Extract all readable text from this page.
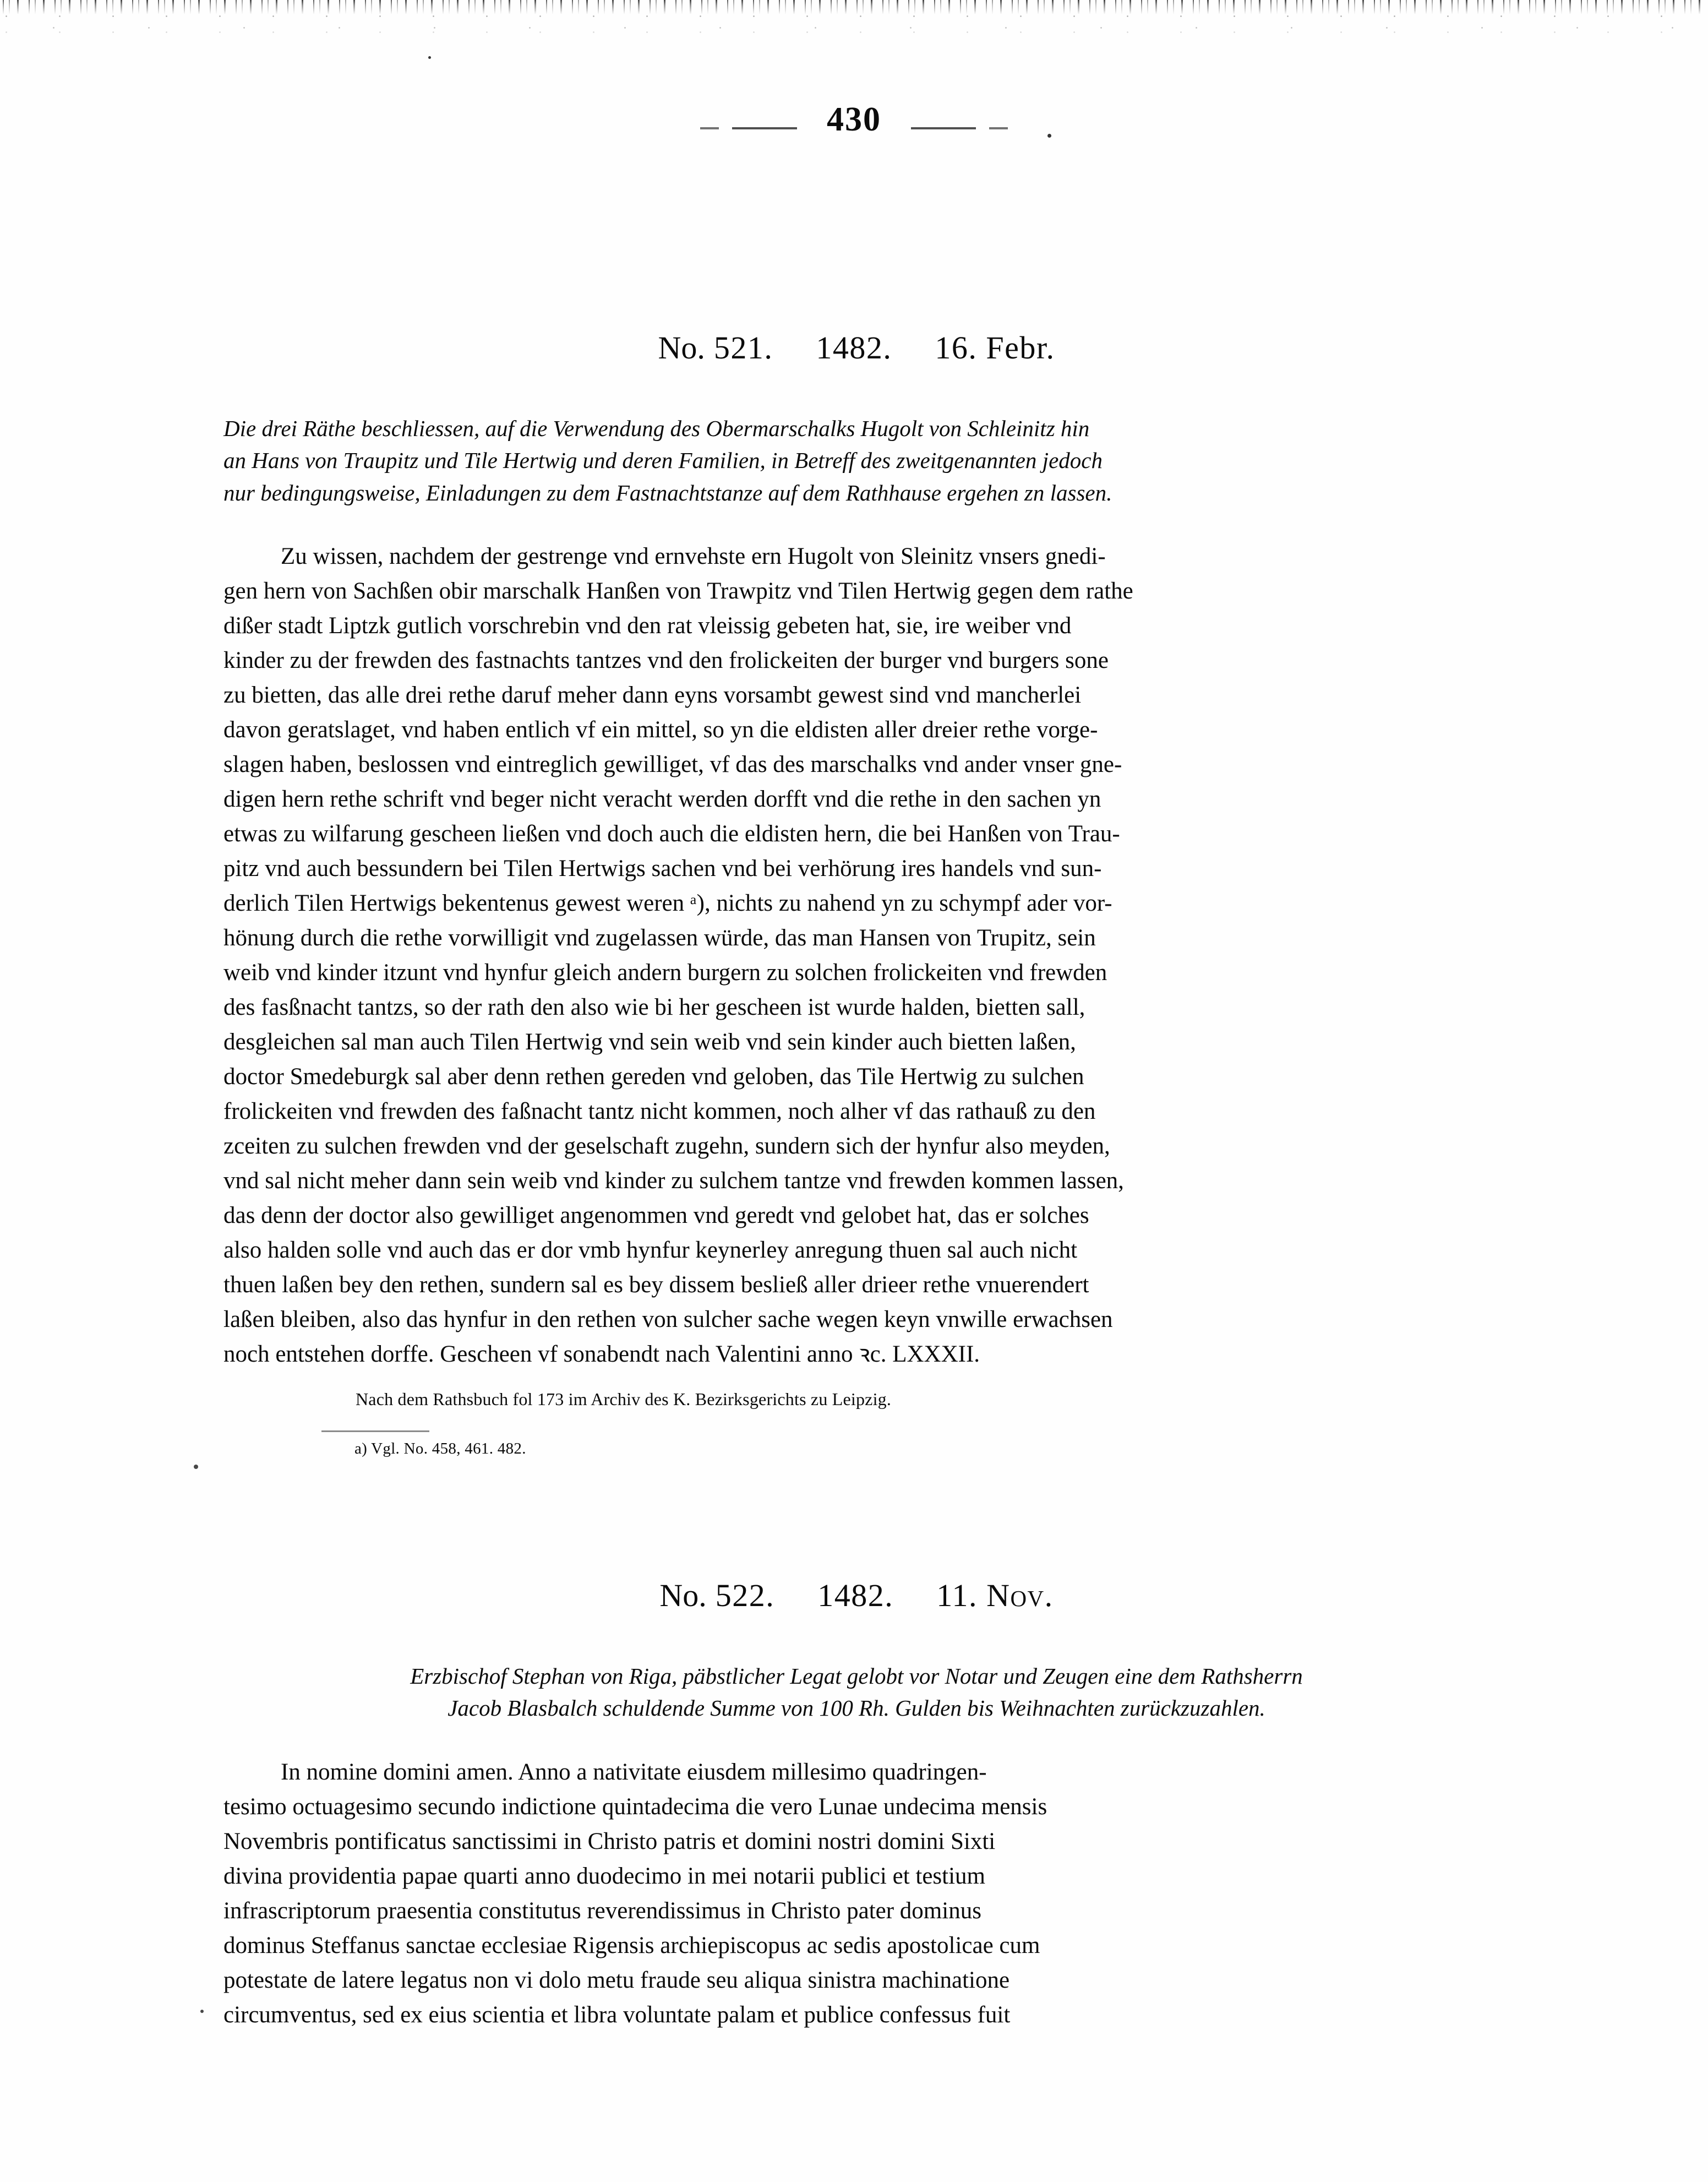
430
No. 521. 1482. 16. Febr.
Die drei Räthe beschliessen, auf die Verwendung des Obermarschalks Hugolt von Schleinitz hin
an Hans von Traupitz und Tile Hertwig und deren Familien, in Betreff des zweitgenannten jedoch
nur bedingungsweise, Einladungen zu dem Fastnachtstanze auf dem Rathhause ergehen zn lassen.
Zu wissen, nachdem der gestrenge vnd ernvehste ern Hugolt von Sleinitz vnsers gnedi-
gen hern von Sachßen obir marschalk Hanßen von Trawpitz vnd Tilen Hertwig gegen dem rathe
dißer stadt Liptzk gutlich vorschrebin vnd den rat vleissig gebeten hat, sie, ire weiber vnd
kinder zu der frewden des fastnachts tantzes vnd den frolickeiten der burger vnd burgers sone
zu bietten, das alle drei rethe daruf meher dann eyns vorsambt gewest sind vnd mancherlei
davon geratslaget, vnd haben entlich vf ein mittel, so yn die eldisten aller dreier rethe vorge-
slagen haben, beslossen vnd eintreglich gewilliget, vf das des marschalks vnd ander vnser gne-
digen hern rethe schrift vnd beger nicht veracht werden dorfft vnd die rethe in den sachen yn
etwas zu wilfarung gescheen ließen vnd doch auch die eldisten hern, die bei Hanßen von Trau-
pitz vnd auch bessundern bei Tilen Hertwigs sachen vnd bei verhörung ires handels vnd sun-
derlich Tilen Hertwigs bekentenus gewest weren ᵃ), nichts zu nahend yn zu schympf ader vor-
hönung durch die rethe vorwilligit vnd zugelassen würde, das man Hansen von Trupitz, sein
weib vnd kinder itzunt vnd hynfur gleich andern burgern zu solchen frolickeiten vnd frewden
des fasßnacht tantzs, so der rath den also wie bi her gescheen ist wurde halden, bietten sall,
desgleichen sal man auch Tilen Hertwig vnd sein weib vnd sein kinder auch bietten laßen,
doctor Smedeburgk sal aber denn rethen gereden vnd geloben, das Tile Hertwig zu sulchen
frolickeiten vnd frewden des faßnacht tantz nicht kommen, noch alher vf das rathauß zu den
zceiten zu sulchen frewden vnd der geselschaft zugehn, sundern sich der hynfur also meyden,
vnd sal nicht meher dann sein weib vnd kinder zu sulchem tantze vnd frewden kommen lassen,
das denn der doctor also gewilliget angenommen vnd geredt vnd gelobet hat, das er solches
also halden solle vnd auch das er dor vmb hynfur keynerley anregung thuen sal auch nicht
thuen laßen bey den rethen, sundern sal es bey dissem besließ aller drieer rethe vnuerendert
laßen bleiben, also das hynfur in den rethen von sulcher sache wegen keyn vnwille erwachsen
noch entstehen dorffe. Gescheen vf sonabendt nach Valentini anno ꝛc. LXXXII.
Nach dem Rathsbuch fol 173 im Archiv des K. Bezirksgerichts zu Leipzig.
a) Vgl. No. 458, 461. 482.
No. 522. 1482. 11. Nov.
Erzbischof Stephan von Riga, päbstlicher Legat gelobt vor Notar und Zeugen eine dem Rathsherrn
Jacob Blasbalch schuldende Summe von 100 Rh. Gulden bis Weihnachten zurückzuzahlen.
In nomine domini amen. Anno a nativitate eiusdem millesimo quadringen-
tesimo octuagesimo secundo indictione quintadecima die vero Lunae undecima mensis
Novembris pontificatus sanctissimi in Christo patris et domini nostri domini Sixti
divina providentia papae quarti anno duodecimo in mei notarii publici et testium
infrascriptorum praesentia constitutus reverendissimus in Christo pater dominus
dominus Steffanus sanctae ecclesiae Rigensis archiepiscopus ac sedis apostolicae cum
potestate de latere legatus non vi dolo metu fraude seu aliqua sinistra machinatione
circumventus, sed ex eius scientia et libra voluntate palam et publice confessus fuit
